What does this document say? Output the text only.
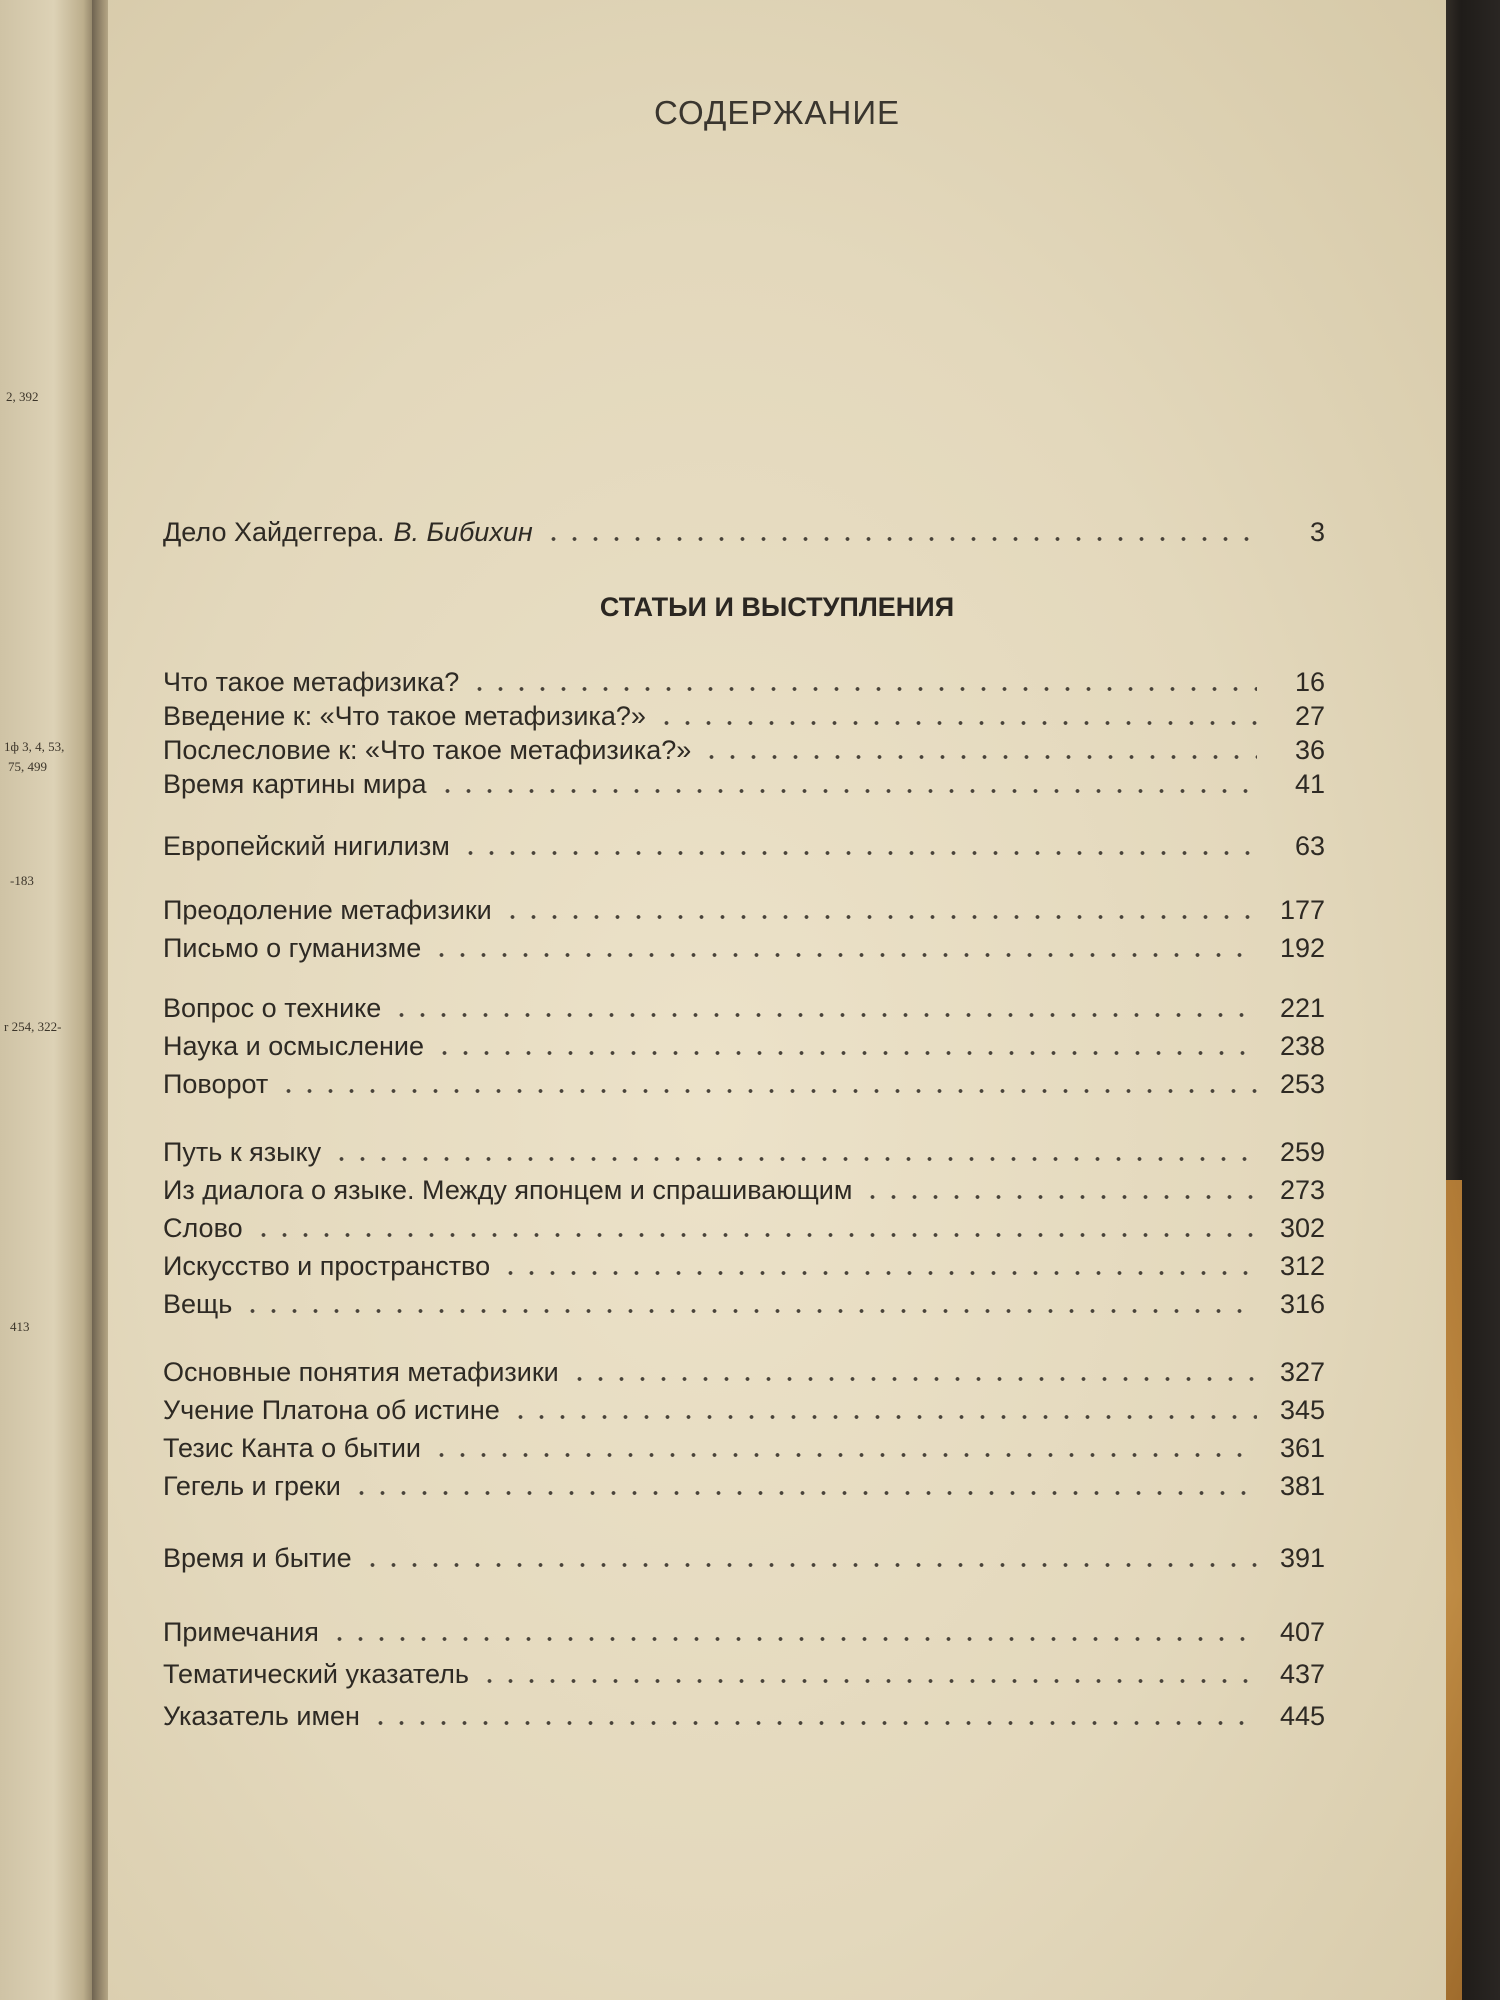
2, 392
1ф 3, 4, 53,
75, 499
-183
r 254, 322-
413
СОДЕРЖАНИЕ
Дело Хайдеггера. В. Бибихин	3
СТАТЬИ И ВЫСТУПЛЕНИЯ
Что такое метафизика?	16
Введение к: «Что такое метафизика?»	27
Послесловие к: «Что такое метафизика?»	36
Время картины мира	41
Европейский нигилизм	63
Преодоление метафизики	177
Письмо о гуманизме	192
Вопрос о технике	221
Наука и осмысление	238
Поворот	253
Путь к языку	259
Из диалога о языке. Между японцем и спрашивающим	273
Слово	302
Искусство и пространство	312
Вещь	316
Основные понятия метафизики	327
Учение Платона об истине	345
Тезис Канта о бытии	361
Гегель и греки	381
Время и бытие	391
Примечания	407
Тематический указатель	437
Указатель имен	445
